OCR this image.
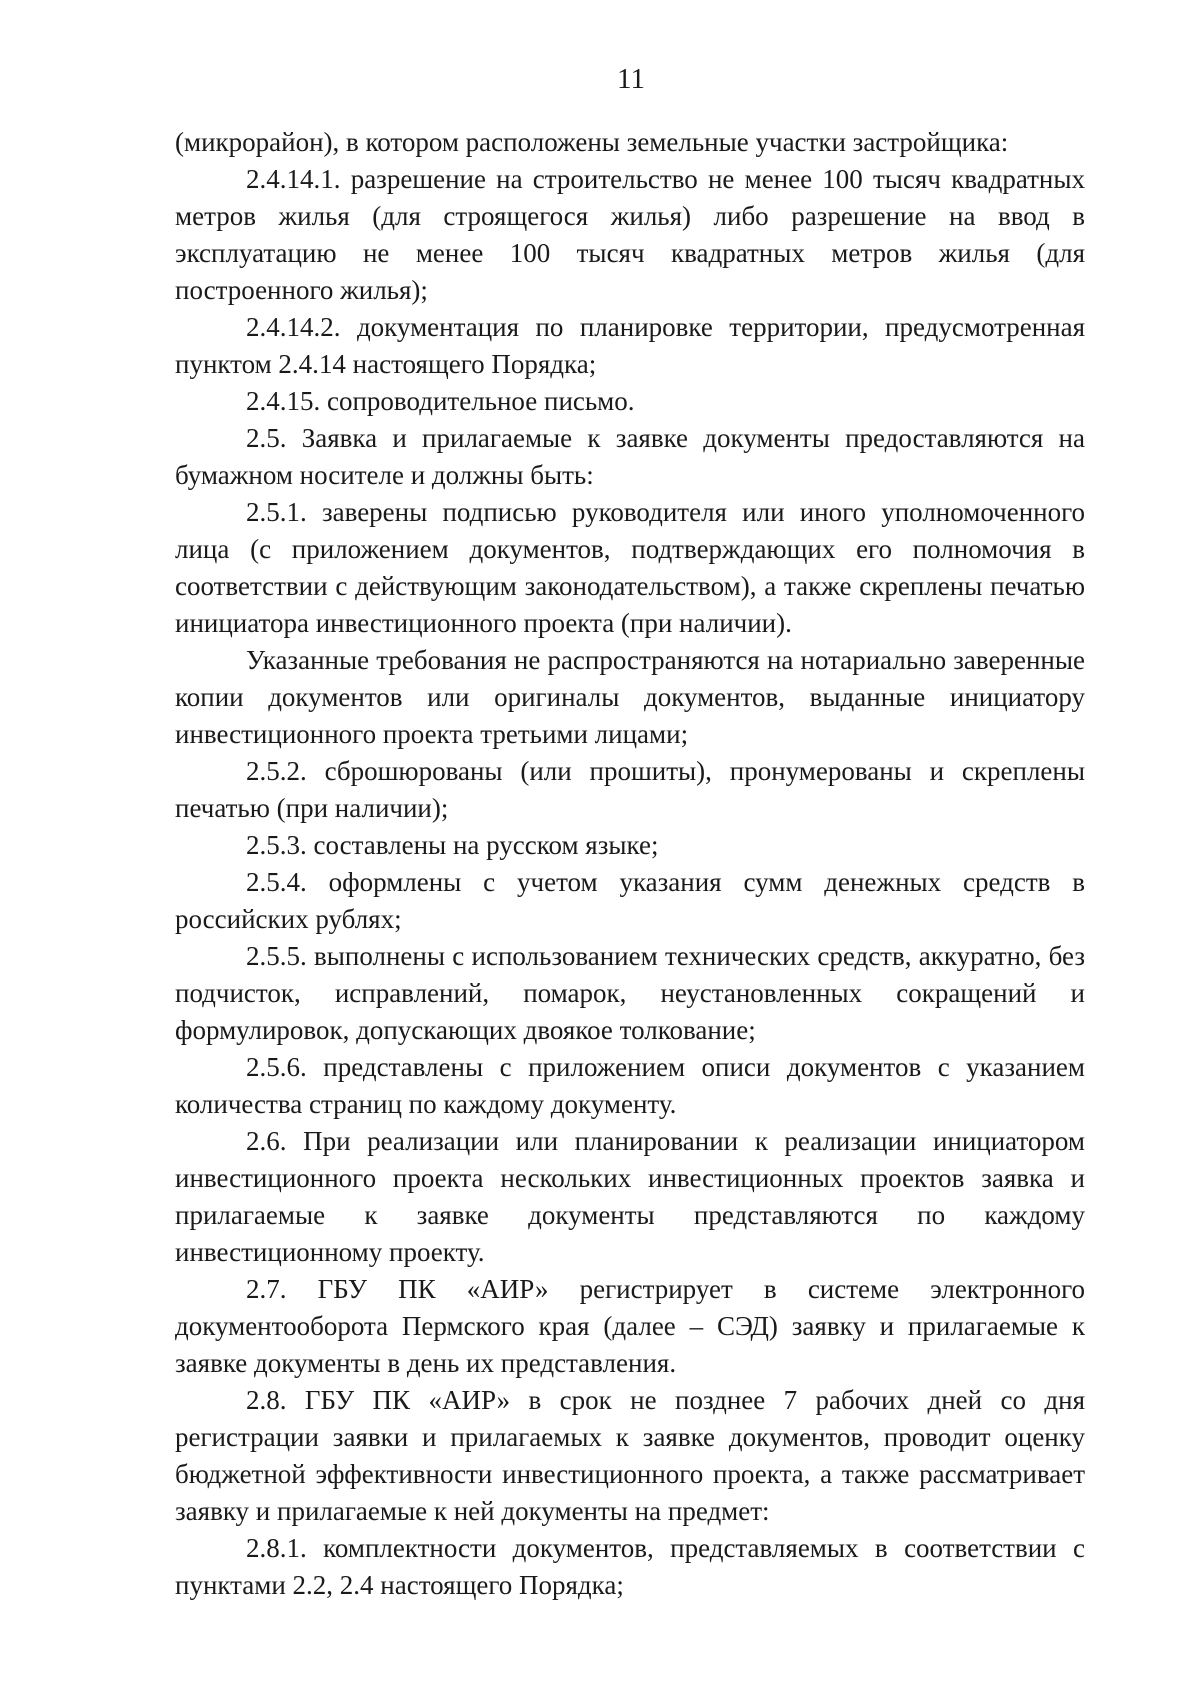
11

(микрорайон), в котором расположены земельные участки застройщика:

2.4.14.1. разрешение на строительство не менее 100 тысяч квадратных метров жилья (для строящегося жилья) либо разрешение на ввод в эксплуатацию не менее 100 тысяч квадратных метров жилья (для построенного жилья);

2.4.14.2. документация по планировке территории, предусмотренная пунктом 2.4.14 настоящего Порядка;

2.4.15. сопроводительное письмо.

2.5. Заявка и прилагаемые к заявке документы предоставляются на бумажном носителе и должны быть:

2.5.1. заверены подписью руководителя или иного уполномоченного лица (с приложением документов, подтверждающих его полномочия в соответствии с действующим законодательством), а также скреплены печатью инициатора инвестиционного проекта (при наличии).

Указанные требования не распространяются на нотариально заверенные копии документов или оригиналы документов, выданные инициатору инвестиционного проекта третьими лицами;

2.5.2. сброшюрованы (или прошиты), пронумерованы и скреплены печатью (при наличии);

2.5.3. составлены на русском языке;

2.5.4. оформлены с учетом указания сумм денежных средств в российских рублях;

2.5.5. выполнены с использованием технических средств, аккуратно, без подчисток, исправлений, помарок, неустановленных сокращений и формулировок, допускающих двоякое толкование;

2.5.6. представлены с приложением описи документов с указанием количества страниц по каждому документу.

2.6. При реализации или планировании к реализации инициатором инвестиционного проекта нескольких инвестиционных проектов заявка и прилагаемые к заявке документы представляются по каждому инвестиционному проекту.

2.7. ГБУ ПК «АИР» регистрирует в системе электронного документооборота Пермского края (далее – СЭД) заявку и прилагаемые к заявке документы в день их представления.

2.8. ГБУ ПК «АИР» в срок не позднее 7 рабочих дней со дня регистрации заявки и прилагаемых к заявке документов, проводит оценку бюджетной эффективности инвестиционного проекта, а также рассматривает заявку и прилагаемые к ней документы на предмет:

2.8.1. комплектности документов, представляемых в соответствии с пунктами 2.2, 2.4 настоящего Порядка;
